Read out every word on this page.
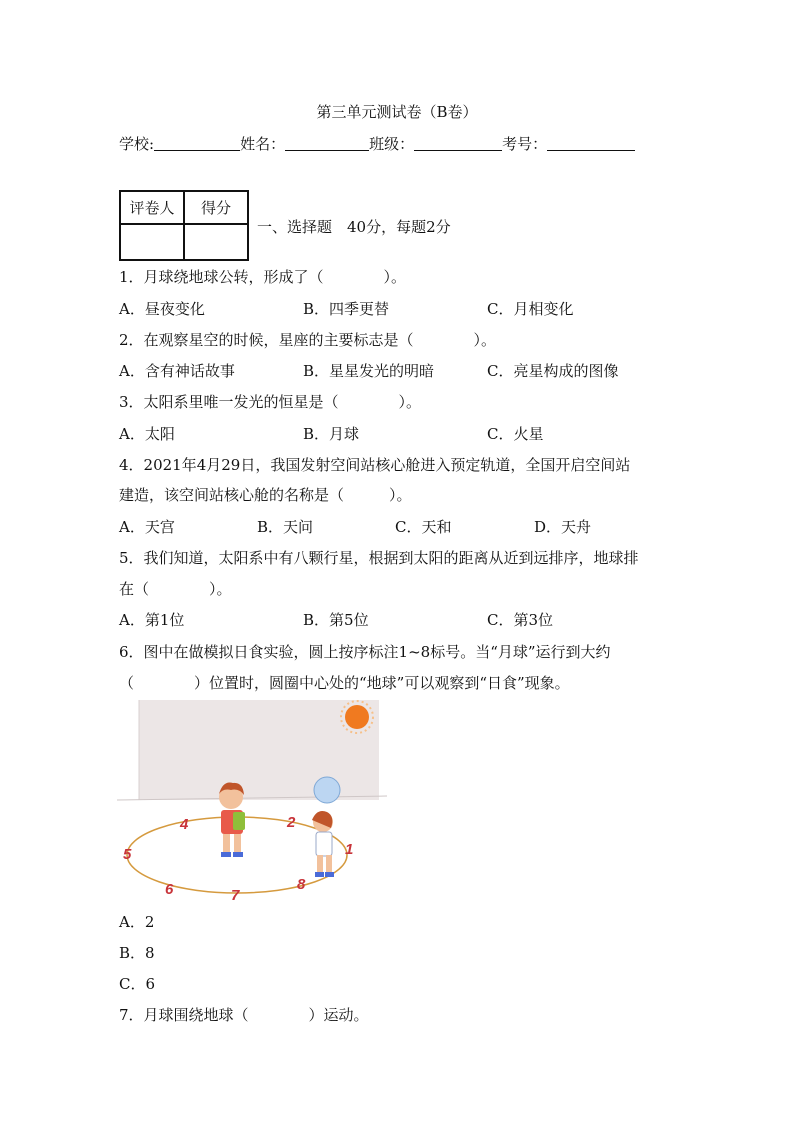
第三单元测试卷（B卷）
学校:	姓名：	班级：	考号：
评卷人	得分

一、选择题　40分，每题2分
1．月球绕地球公转，形成了（　　　　）。
A．昼夜变化	B．四季更替	C．月相变化
2．在观察星空的时候，星座的主要标志是（　　　　）。
A．含有神话故事	B．星星发光的明暗	C．亮星构成的图像
3．太阳系里唯一发光的恒星是（　　　　）。
A．太阳	B．月球	C．火星
4．2021年4月29日，我国发射空间站核心舱进入预定轨道，全国开启空间站
建造，该空间站核心舱的名称是（　　　）。
A．天宫	B．天问	C．天和	D．天舟
5．我们知道，太阳系中有八颗行星，根据到太阳的距离从近到远排序，地球排
在（　　　　）。
A．第1位	B．第5位	C．第3位
6．图中在做模拟日食实验，圆上按序标注1~8标号。当“月球”运行到大约
（　　　　）位置时，圆圈中心处的“地球”可以观察到“日食”现象。
1
2
4
5
6	7
8
A．2
B．8
C．6
7．月球围绕地球（　　　　）运动。
